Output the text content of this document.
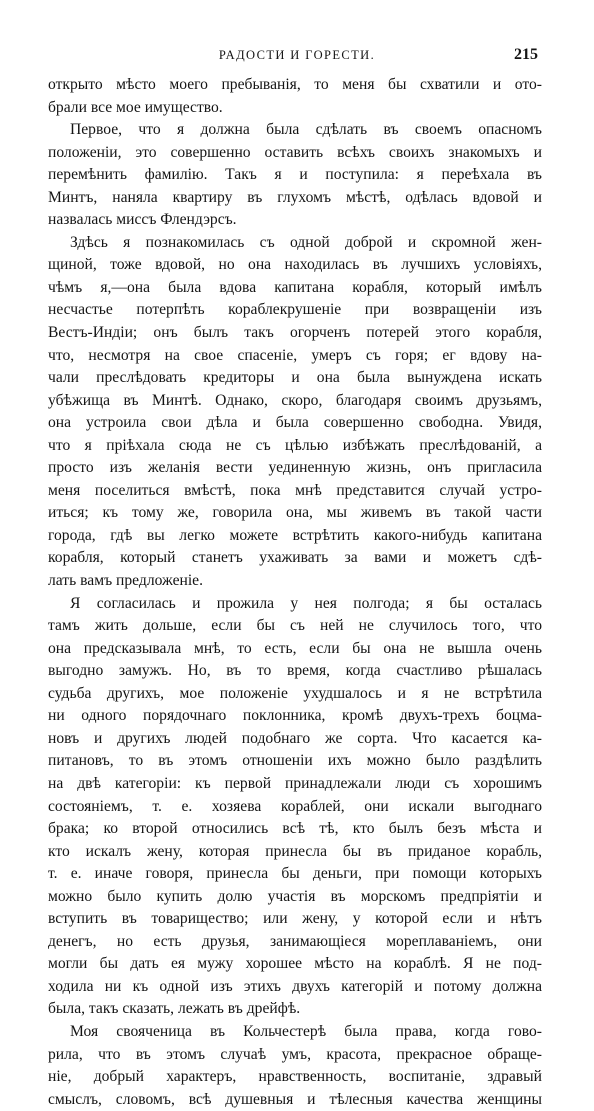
РАДОСТИ И ГОРЕСТИ.	215
открыто мѣсто моего пребыванія, то меня бы схватили и ото-
брали все мое имущество.
Первое, что я должна была сдѣлать въ своемъ опасномъ
положеніи, это совершенно оставить всѣхъ своихъ знакомыхъ и
перемѣнить фамилію. Такъ я и поступила: я переѣхала въ
Минтъ, наняла квартиру въ глухомъ мѣстѣ, одѣлась вдовой и
назвалась миссъ Флендэрсъ.
Здѣсь я познакомилась съ одной доброй и скромной жен-
щиной, тоже вдовой, но она находилась въ лучшихъ условіяхъ,
чѣмъ я,—она была вдова капитана корабля, который имѣлъ
несчастье потерпѣть кораблекрушеніе при возвращеніи изъ
Вестъ-Индіи; онъ былъ такъ огорченъ потерей этого корабля,
что, несмотря на свое спасеніе, умеръ съ горя; ег вдову на-
чали преслѣдовать кредиторы и она была вынуждена искать
убѣжища въ Минтѣ. Однако, скоро, благодаря своимъ друзьямъ,
она устроила свои дѣла и была совершенно свободна. Увидя,
что я пріѣхала сюда не съ цѣлью избѣжать преслѣдованій, а
просто изъ желанія вести уединенную жизнь, онъ пригласила
меня поселиться вмѣстѣ, пока мнѣ представится случай устро-
иться; къ тому же, говорила она, мы живемъ въ такой части
города, гдѣ вы легко можете встрѣтить какого-нибудь капитана
корабля, который станетъ ухаживать за вами и можетъ сдѣ-
лать вамъ предложеніе.
Я согласилась и прожила у нея полгода; я бы осталась
тамъ жить дольше, если бы съ ней не случилось того, что
она предсказывала мнѣ, то есть, если бы она не вышла очень
выгодно замужъ. Но, въ то время, когда счастливо рѣшалась
судьба другихъ, мое положеніе ухудшалось и я не встрѣтила
ни одного порядочнаго поклонника, кромѣ двухъ-трехъ боцма-
новъ и другихъ людей подобнаго же сорта. Что касается ка-
питановъ, то въ этомъ отношеніи ихъ можно было раздѣлить
на двѣ категоріи: къ первой принадлежали люди съ хорошимъ
состояніемъ, т. е. хозяева кораблей, они искали выгоднаго
брака; ко второй относились всѣ тѣ, кто былъ безъ мѣста и
кто искалъ жену, которая принесла бы въ приданое корабль,
т. е. иначе говоря, принесла бы деньги, при помощи которыхъ
можно было купить долю участія въ морскомъ предпріятіи и
вступить въ товарищество; или жену, у которой если и нѣтъ
денегъ, но есть друзья, занимающіеся мореплаваніемъ, они
могли бы дать ея мужу хорошее мѣсто на кораблѣ. Я не под-
ходила ни къ одной изъ этихъ двухъ категорій и потому должна
была, такъ сказать, лежать въ дрейфѣ.
Моя свояченица въ Кольчестерѣ была права, когда гово-
рила, что въ этомъ случаѣ умъ, красота, прекрасное обраще-
ніе, добрый характеръ, нравственность, воспитаніе, здравый
смыслъ, словомъ, всѣ душевныя и тѣлесныя качества женщины
